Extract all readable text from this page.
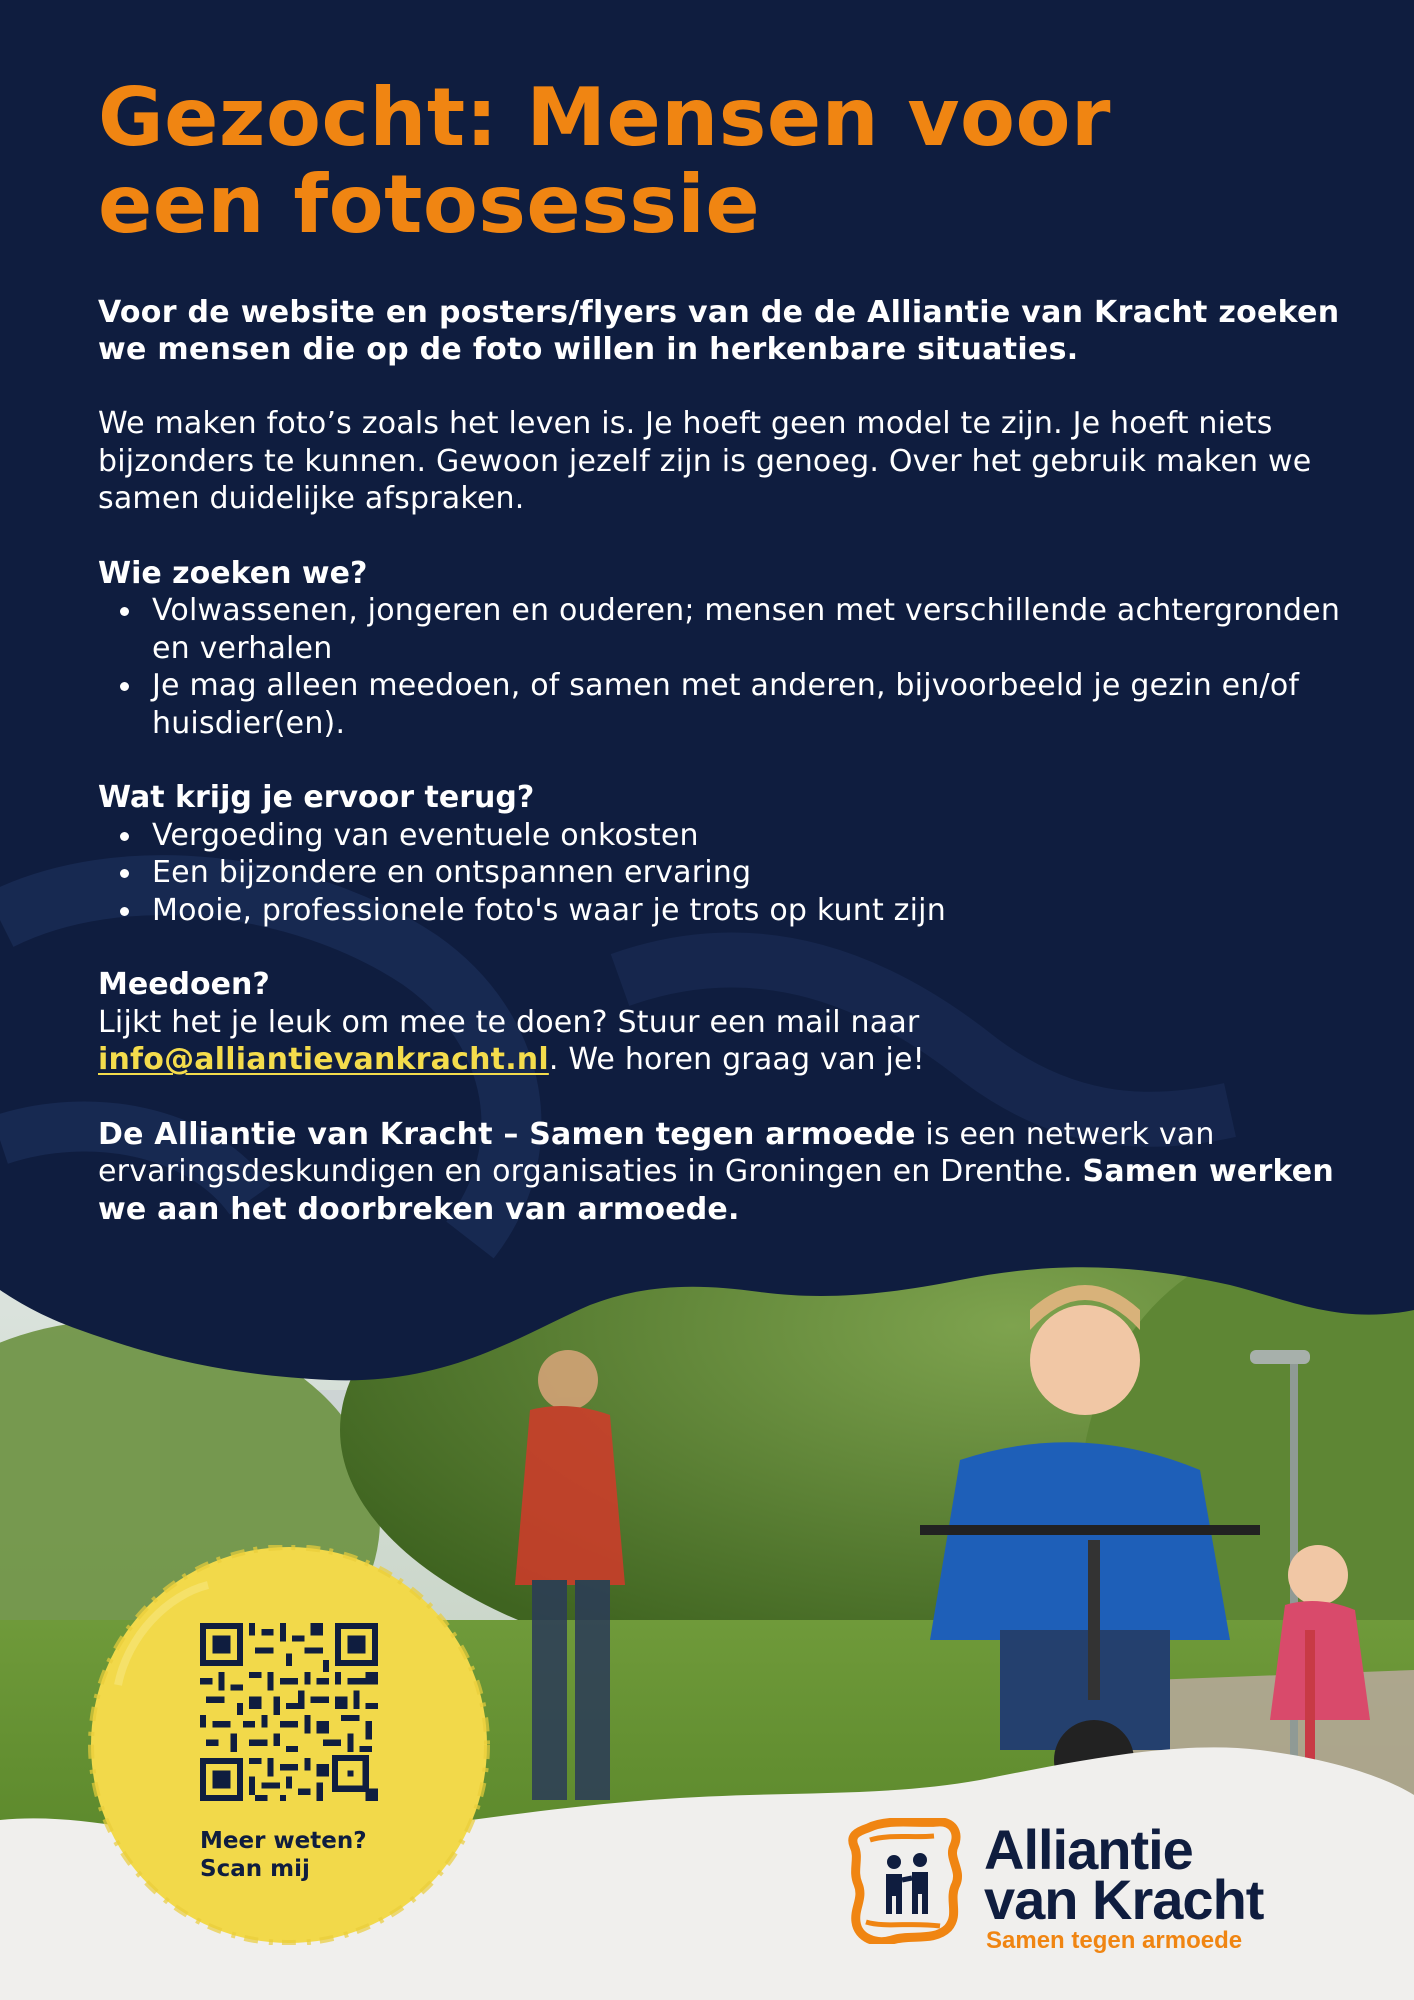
Gezocht: Mensen voor
een fotosessie

Voor de website en posters/flyers van de de Alliantie van Kracht zoeken we mensen die op de foto willen in herkenbare situaties.

We maken foto’s zoals het leven is. Je hoeft geen model te zijn. Je hoeft niets bijzonders te kunnen. Gewoon jezelf zijn is genoeg. Over het gebruik maken we samen duidelijke afspraken.

Wie zoeken we?

Volwassenen, jongeren en ouderen; mensen met verschillende achtergronden en verhalen
Je mag alleen meedoen, of samen met anderen, bijvoorbeeld je gezin en/of huisdier(en).

Wat krijg je ervoor terug?

Vergoeding van eventuele onkosten
Een bijzondere en ontspannen ervaring
Mooie, professionele foto's waar je trots op kunt zijn

Meedoen?

Lijkt het je leuk om mee te doen? Stuur een mail naar
info@alliantievankracht.nl. We horen graag van je!

De Alliantie van Kracht – Samen tegen armoede is een netwerk van ervaringsdeskundigen en organisaties in Groningen en Drenthe. Samen werken we aan het doorbreken van armoede.

Meer weten?
Scan mij	Alliantie
van Kracht
Samen tegen armoede
